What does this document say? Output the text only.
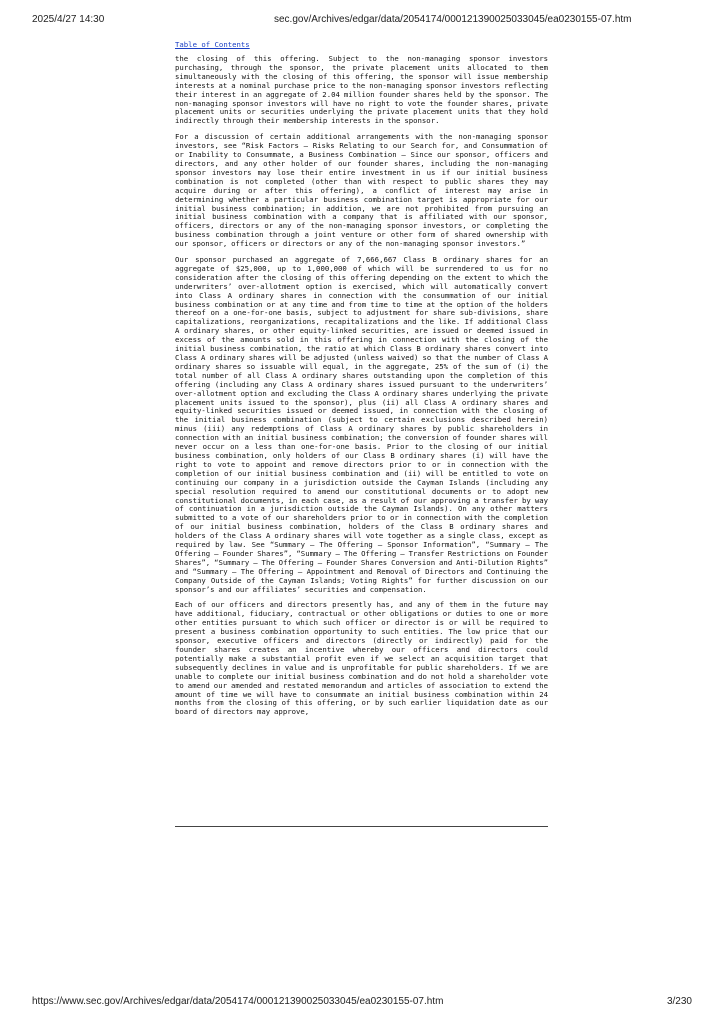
2025/4/27 14:30	sec.gov/Archives/edgar/data/2054174/000121390025033045/ea0230155-07.htm
Table of Contents

the closing of this offering. Subject to the non-managing sponsor investors purchasing, through the sponsor, the private placement units allocated to them simultaneously with the closing of this offering, the sponsor will issue membership interests at a nominal purchase price to the non-managing sponsor investors reflecting their interest in an aggregate of 2.04 million founder shares held by the sponsor. The non-managing sponsor investors will have no right to vote the founder shares, private placement units or securities underlying the private placement units that they hold indirectly through their membership interests in the sponsor.

For a discussion of certain additional arrangements with the non-managing sponsor investors, see “Risk Factors — Risks Relating to our Search for, and Consummation of or Inability to Consummate, a Business Combination — Since our sponsor, officers and directors, and any other holder of our founder shares, including the non-managing sponsor investors may lose their entire investment in us if our initial business combination is not completed (other than with respect to public shares they may acquire during or after this offering), a conflict of interest may arise in determining whether a particular business combination target is appropriate for our initial business combination; in addition, we are not prohibited from pursuing an initial business combination with a company that is affiliated with our sponsor, officers, directors or any of the non-managing sponsor investors, or completing the business combination through a joint venture or other form of shared ownership with our sponsor, officers or directors or any of the non-managing sponsor investors.”

Our sponsor purchased an aggregate of 7,666,667 Class B ordinary shares for an aggregate of $25,000, up to 1,000,000 of which will be surrendered to us for no consideration after the closing of this offering depending on the extent to which the underwriters’ over-allotment option is exercised, which will automatically convert into Class A ordinary shares in connection with the consummation of our initial business combination or at any time and from time to time at the option of the holders thereof on a one-for-one basis, subject to adjustment for share sub-divisions, share capitalizations, reorganizations, recapitalizations and the like. If additional Class A ordinary shares, or other equity-linked securities, are issued or deemed issued in excess of the amounts sold in this offering in connection with the closing of the initial business combination, the ratio at which Class B ordinary shares convert into Class A ordinary shares will be adjusted (unless waived) so that the number of Class A ordinary shares so issuable will equal, in the aggregate, 25% of the sum of (i) the total number of all Class A ordinary shares outstanding upon the completion of this offering (including any Class A ordinary shares issued pursuant to the underwriters’ over-allotment option and excluding the Class A ordinary shares underlying the private placement units issued to the sponsor), plus (ii) all Class A ordinary shares and equity-linked securities issued or deemed issued, in connection with the closing of the initial business combination (subject to certain exclusions described herein) minus (iii) any redemptions of Class A ordinary shares by public shareholders in connection with an initial business combination; the conversion of founder shares will never occur on a less than one-for-one basis. Prior to the closing of our initial business combination, only holders of our Class B ordinary shares (i) will have the right to vote to appoint and remove directors prior to or in connection with the completion of our initial business combination and (ii) will be entitled to vote on continuing our company in a jurisdiction outside the Cayman Islands (including any special resolution required to amend our constitutional documents or to adopt new constitutional documents, in each case, as a result of our approving a transfer by way of continuation in a jurisdiction outside the Cayman Islands). On any other matters submitted to a vote of our shareholders prior to or in connection with the completion of our initial business combination, holders of the Class B ordinary shares and holders of the Class A ordinary shares will vote together as a single class, except as required by law. See “Summary — The Offering — Sponsor Information”, “Summary — The Offering — Founder Shares”, “Summary — The Offering — Transfer Restrictions on Founder Shares”, “Summary — The Offering — Founder Shares Conversion and Anti-Dilution Rights” and “Summary — The Offering — Appointment and Removal of Directors and Continuing the Company Outside of the Cayman Islands; Voting Rights” for further discussion on our sponsor’s and our affiliates’ securities and compensation.

Each of our officers and directors presently has, and any of them in the future may have additional, fiduciary, contractual or other obligations or duties to one or more other entities pursuant to which such officer or director is or will be required to present a business combination opportunity to such entities. The low price that our sponsor, executive officers and directors (directly or indirectly) paid for the founder shares creates an incentive whereby our officers and directors could potentially make a substantial profit even if we select an acquisition target that subsequently declines in value and is unprofitable for public shareholders. If we are unable to complete our initial business combination and do not hold a shareholder vote to amend our amended and restated memorandum and articles of association to extend the amount of time we will have to consummate an initial business combination within 24 months from the closing of this offering, or by such earlier liquidation date as our board of directors may approve,

https://www.sec.gov/Archives/edgar/data/2054174/000121390025033045/ea0230155-07.htm	3/230
